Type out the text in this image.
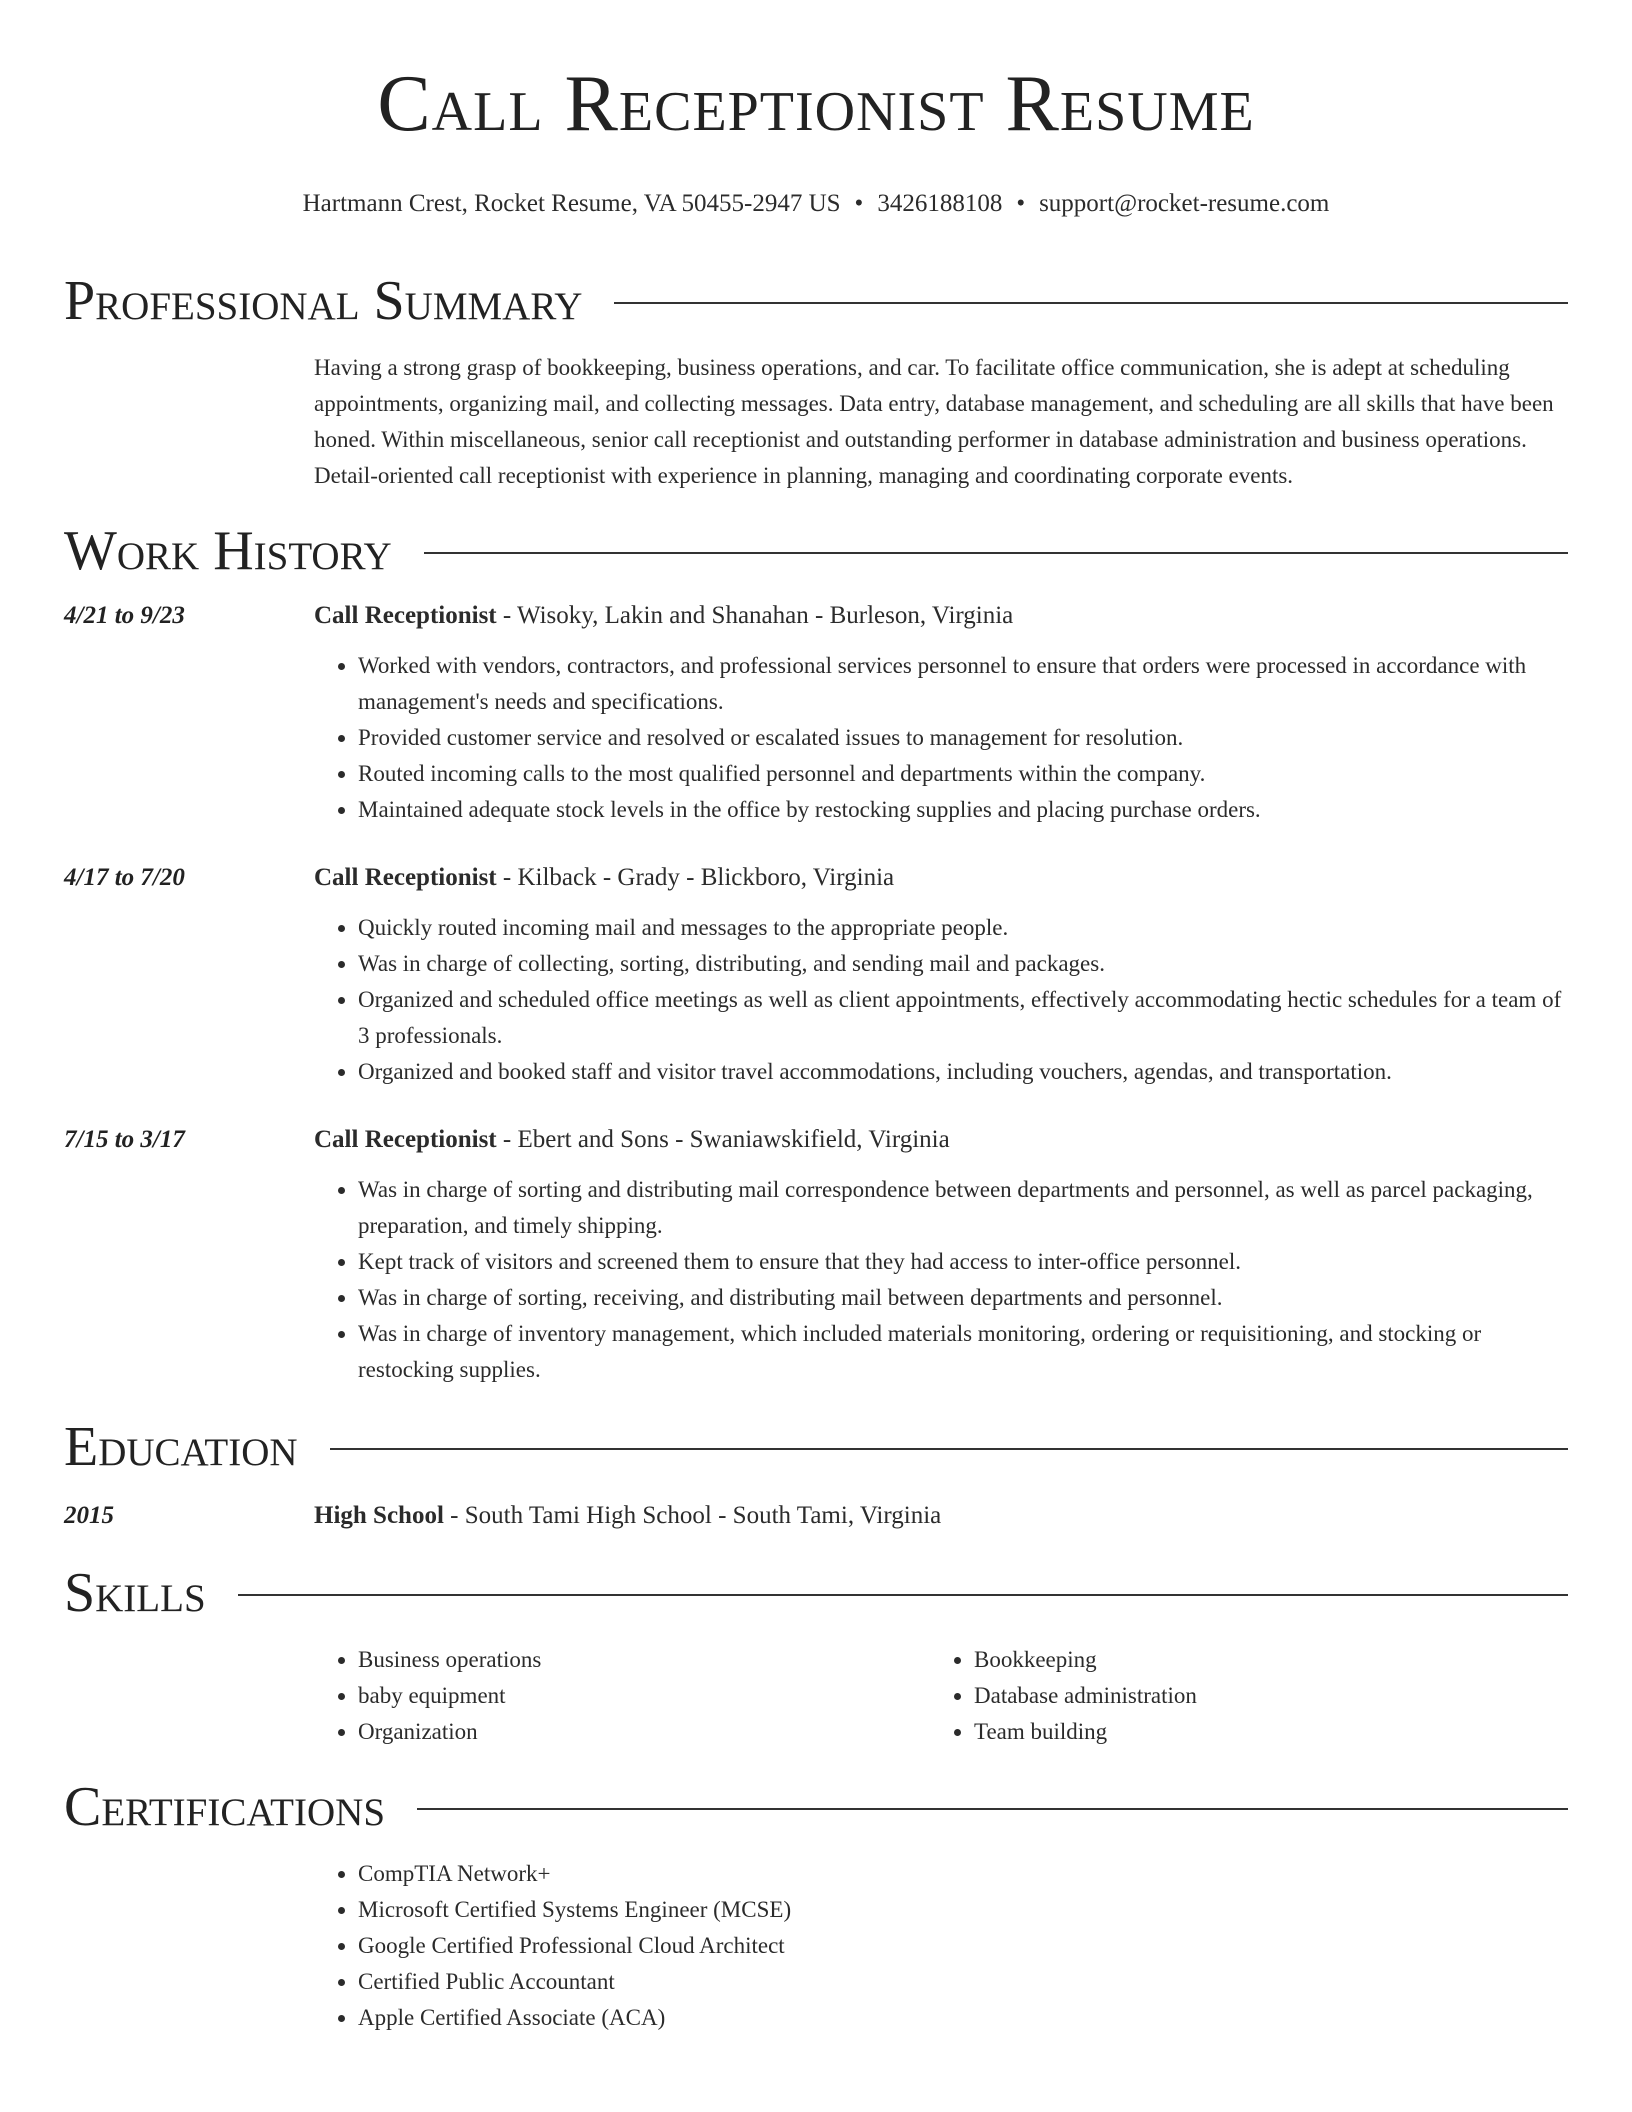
Call Receptionist Resume
Hartmann Crest, Rocket Resume, VA 50455-2947 US • 3426188108 • support@rocket-resume.com
Professional Summary
Having a strong grasp of bookkeeping, business operations, and car. To facilitate office communication, she is adept at scheduling appointments, organizing mail, and collecting messages. Data entry, database management, and scheduling are all skills that have been honed. Within miscellaneous, senior call receptionist and outstanding performer in database administration and business operations. Detail-oriented call receptionist with experience in planning, managing and coordinating corporate events.
Work History
4/21 to 9/23	Call Receptionist - Wisoky, Lakin and Shanahan - Burleson, Virginia
• Worked with vendors, contractors, and professional services personnel to ensure that orders were processed in accordance with management's needs and specifications.
• Provided customer service and resolved or escalated issues to management for resolution.
• Routed incoming calls to the most qualified personnel and departments within the company.
• Maintained adequate stock levels in the office by restocking supplies and placing purchase orders.
4/17 to 7/20	Call Receptionist - Kilback - Grady - Blickboro, Virginia
• Quickly routed incoming mail and messages to the appropriate people.
• Was in charge of collecting, sorting, distributing, and sending mail and packages.
• Organized and scheduled office meetings as well as client appointments, effectively accommodating hectic schedules for a team of 3 professionals.
• Organized and booked staff and visitor travel accommodations, including vouchers, agendas, and transportation.
7/15 to 3/17	Call Receptionist - Ebert and Sons - Swaniawskifield, Virginia
• Was in charge of sorting and distributing mail correspondence between departments and personnel, as well as parcel packaging, preparation, and timely shipping.
• Kept track of visitors and screened them to ensure that they had access to inter-office personnel.
• Was in charge of sorting, receiving, and distributing mail between departments and personnel.
• Was in charge of inventory management, which included materials monitoring, ordering or requisitioning, and stocking or restocking supplies.
Education
2015	High School - South Tami High School - South Tami, Virginia
Skills
• Business operations
• baby equipment
• Organization
• Bookkeeping
• Database administration
• Team building
Certifications
• CompTIA Network+
• Microsoft Certified Systems Engineer (MCSE)
• Google Certified Professional Cloud Architect
• Certified Public Accountant
• Apple Certified Associate (ACA)
